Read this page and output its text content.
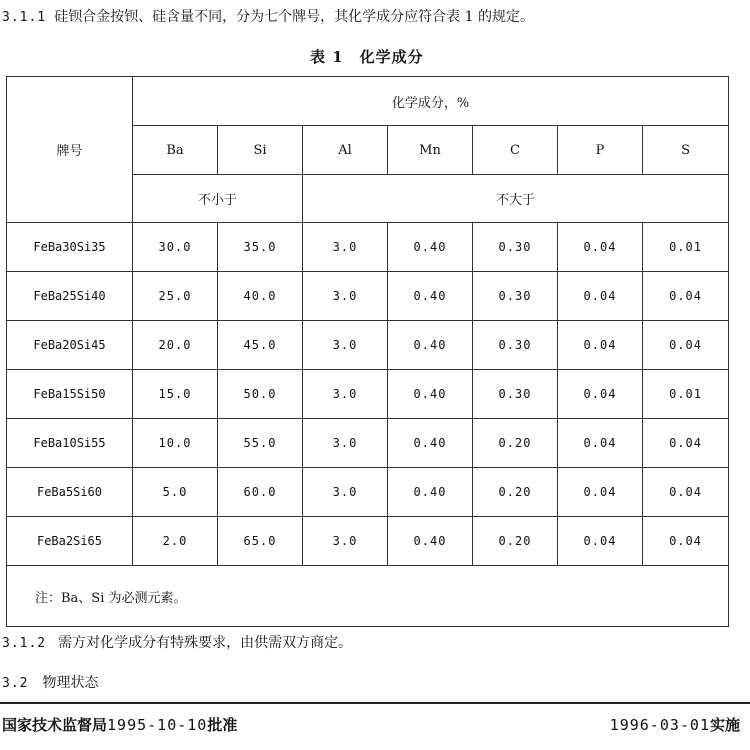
3.1.1 硅钡合金按钡、硅含量不同，分为七个牌号，其化学成分应符合表 1 的规定。
表 1　化学成分
牌号	化学成分，%						
	Ba	Si	Al	Mn	C	P	S
	不小于		不大于				
FeBa30Si35	30.0	35.0	3.0	0.40	0.30	0.04	0.01
FeBa25Si40	25.0	40.0	3.0	0.40	0.30	0.04	0.04
FeBa20Si45	20.0	45.0	3.0	0.40	0.30	0.04	0.04
FeBa15Si50	15.0	50.0	3.0	0.40	0.30	0.04	0.01
FeBa10Si55	10.0	55.0	3.0	0.40	0.20	0.04	0.04
FeBa5Si60	5.0	60.0	3.0	0.40	0.20	0.04	0.04
FeBa2Si65	2.0	65.0	3.0	0.40	0.20	0.04	0.04
注：Ba、Si 为必测元素。							
3.1.2 需方对化学成分有特殊要求，由供需双方商定。
3.2 物理状态
国家技术监督局1995-10-10批准	1996-03-01实施
